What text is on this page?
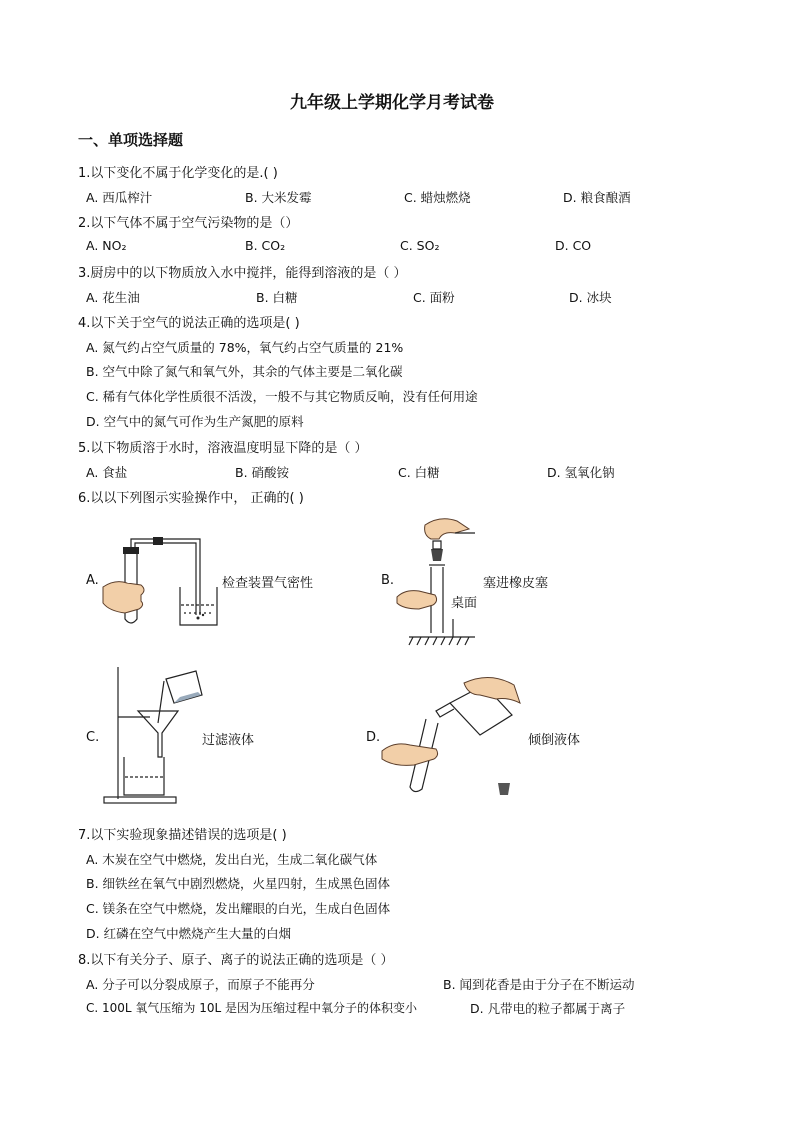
九年级上学期化学月考试卷
一、单项选择题
1.以下变化不属于化学变化的是.( )
A. 西瓜榨汁	B. 大米发霉	C. 蜡烛燃烧	D. 粮食酿酒
2.以下气体不属于空气污染物的是（）
A. NO₂	B. CO₂	C. SO₂	D. CO
3.厨房中的以下物质放入水中搅拌，能得到溶液的是（ ）
A. 花生油	B. 白糖	C. 面粉	D. 冰块
4.以下关于空气的说法正确的选项是( )
A. 氮气约占空气质量的 78%，氧气约占空气质量的 21%
B. 空气中除了氮气和氧气外，其余的气体主要是二氧化碳
C. 稀有气体化学性质很不活泼，一般不与其它物质反响，没有任何用途
D. 空气中的氮气可作为生产氮肥的原料
5.以下物质溶于水时，溶液温度明显下降的是（ ）
A. 食盐	B. 硝酸铵	C. 白糖	D. 氢氧化钠
6.以以下列图示实验操作中， 正确的( )
A.	检查装置气密性	B.	塞进橡皮塞
桌面
C.	过滤液体	D.	倾倒液体
7.以下实验现象描述错误的选项是( )
A. 木炭在空气中燃烧，发出白光，生成二氧化碳气体
B. 细铁丝在氧气中剧烈燃烧，火星四射，生成黑色固体
C. 镁条在空气中燃烧，发出耀眼的白光，生成白色固体
D. 红磷在空气中燃烧产生大量的白烟
8.以下有关分子、原子、离子的说法正确的选项是（ ）
A. 分子可以分裂成原子，而原子不能再分	B. 闻到花香是由于分子在不断运动
C. 100L 氧气压缩为 10L 是因为压缩过程中氧分子的体积变小	D. 凡带电的粒子都属于离子
